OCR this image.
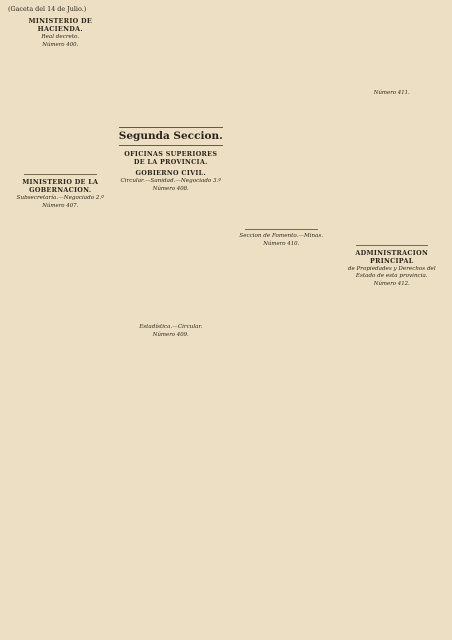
(Gaceta del 14 de Julio.)
MINISTERIO DE HACIENDA.
Real decreto.
Número 400.

MINISTERIO DE LA GOBERNACION.
Subsecretaría.—Negociado 2.º
Número 407.

Segunda Seccion.
OFICINAS SUPERIORES DE LA PROVINCIA.
GOBIERNO CIVIL.
Circular.—Sanidad.—Negociado 3.º
Número 408.

Estadística.—Circular.
Número 409.

Seccion de Fomento.—Minas.
Número 410.

Número 411.

ADMINISTRACION PRINCIPAL
de Propiedades y Derechos del Estado de esta provincia.
Número 412.
